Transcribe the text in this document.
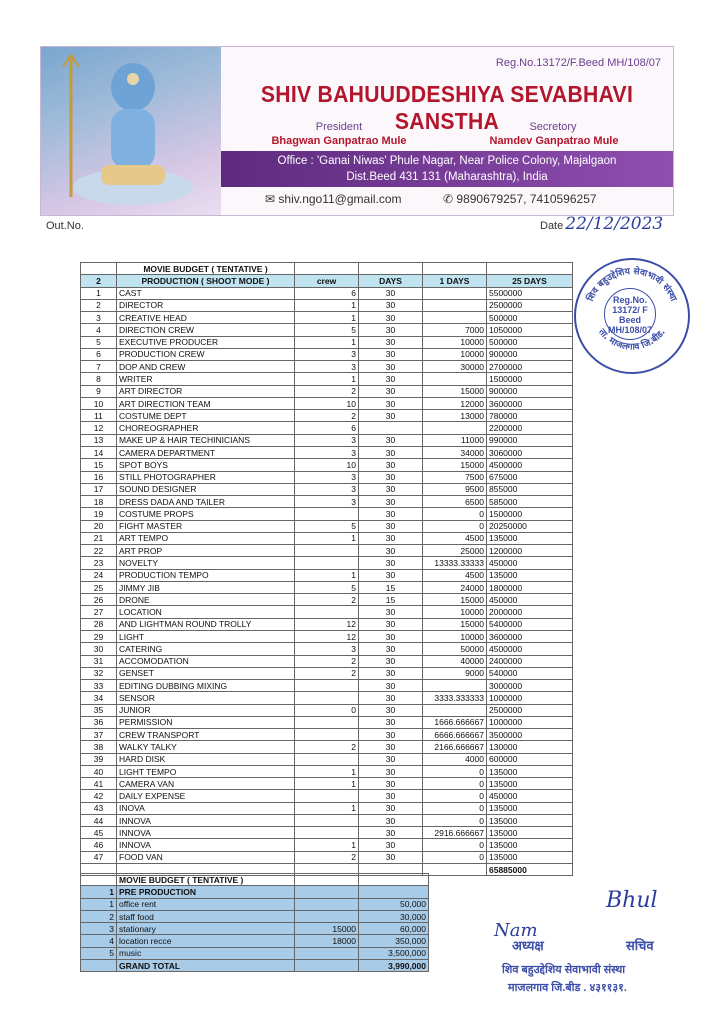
Reg.No.13172/F.Beed MH/108/07
SHIV BAHUUDDESHIYA SEVABHAVI SANSTHA
President
Bhagwan Ganpatrao Mule
Secretory
Namdev Ganpatrao Mule
Office : 'Ganai Niwas' Phule Nagar, Near Police Colony, Majalgaon
Dist.Beed 431 131 (Maharashtra), India
✉ shiv.ngo11@gmail.com	✆ 9890679257, 7410596257
Out.No.	Date 22/12/2023
	MOVIE BUDGET ( TENTATIVE )				
2	PRODUCTION ( SHOOT MODE )	crew	DAYS	1 DAYS	25 DAYS
1	CAST	6	30		5500000
2	DIRECTOR	1	30		2500000
3	CREATIVE HEAD	1	30		500000
4	DIRECTION CREW	5	30	7000	1050000
5	EXECUTIVE PRODUCER	1	30	10000	500000
6	PRODUCTION CREW	3	30	10000	900000
7	DOP AND CREW	3	30	30000	2700000
8	WRITER	1	30		1500000
9	ART DIRECTOR	2	30	15000	900000
10	ART DIRECTION TEAM	10	30	12000	3600000
11	COSTUME DEPT	2	30	13000	780000
12	CHOREOGRAPHER	6			2200000
13	MAKE UP & HAIR TECHINICIANS	3	30	11000	990000
14	CAMERA DEPARTMENT	3	30	34000	3060000
15	SPOT BOYS	10	30	15000	4500000
16	STILL PHOTOGRAPHER	3	30	7500	675000
17	SOUND DESIGNER	3	30	9500	855000
18	DRESS DADA AND TAILER	3	30	6500	585000
19	COSTUME PROPS		30	0	1500000
20	FIGHT MASTER	5	30	0	20250000
21	ART TEMPO	1	30	4500	135000
22	ART PROP		30	25000	1200000
23	NOVELTY		30	13333.33333	450000
24	PRODUCTION TEMPO	1	30	4500	135000
25	JIMMY JIB	5	15	24000	1800000
26	DRONE	2	15	15000	450000
27	LOCATION		30	10000	2000000
28	AND LIGHTMAN ROUND TROLLY	12	30	15000	5400000
29	LIGHT	12	30	10000	3600000
30	CATERING	3	30	50000	4500000
31	ACCOMODATION	2	30	40000	2400000
32	GENSET	2	30	9000	540000
33	EDITING DUBBING MIXING		30		3000000
34	SENSOR		30	3333.333333	1000000
35	JUNIOR	0	30		2500000
36	PERMISSION		30	1666.666667	1000000
37	CREW TRANSPORT		30	6666.666667	3500000
38	WALKY TALKY	2	30	2166.666667	130000
39	HARD DISK		30	4000	600000
40	LIGHT TEMPO	1	30	0	135000
41	CAMERA VAN	1	30	0	135000
42	DAILY EXPENSE		30	0	450000
43	INOVA	1	30	0	135000
44	INNOVA		30	0	135000
45	INNOVA		30	2916.666667	135000
46	INNOVA	1	30	0	135000
47	FOOD VAN	2	30	0	135000
					65885000
	MOVIE BUDGET ( TENTATIVE )		
1	PRE PRODUCTION		
1	office rent		50,000
2	staff food		30,000
3	stationary	15000	60,000
4	location recce	18000	350,000
5	music		3,500,000
	GRAND TOTAL		3,990,000
शिव बहुउद्देशिय सेवाभावी संस्था
ता. माजलगाव जि.बीड.
Reg.No.
13172/ F
Beed
MH/108/07
Nam
Bhul
अध्यक्ष	सचिव
शिव बहुउद्देशिय सेवाभावी संस्था
माजलगाव जि.बीड . ४३११३१.
